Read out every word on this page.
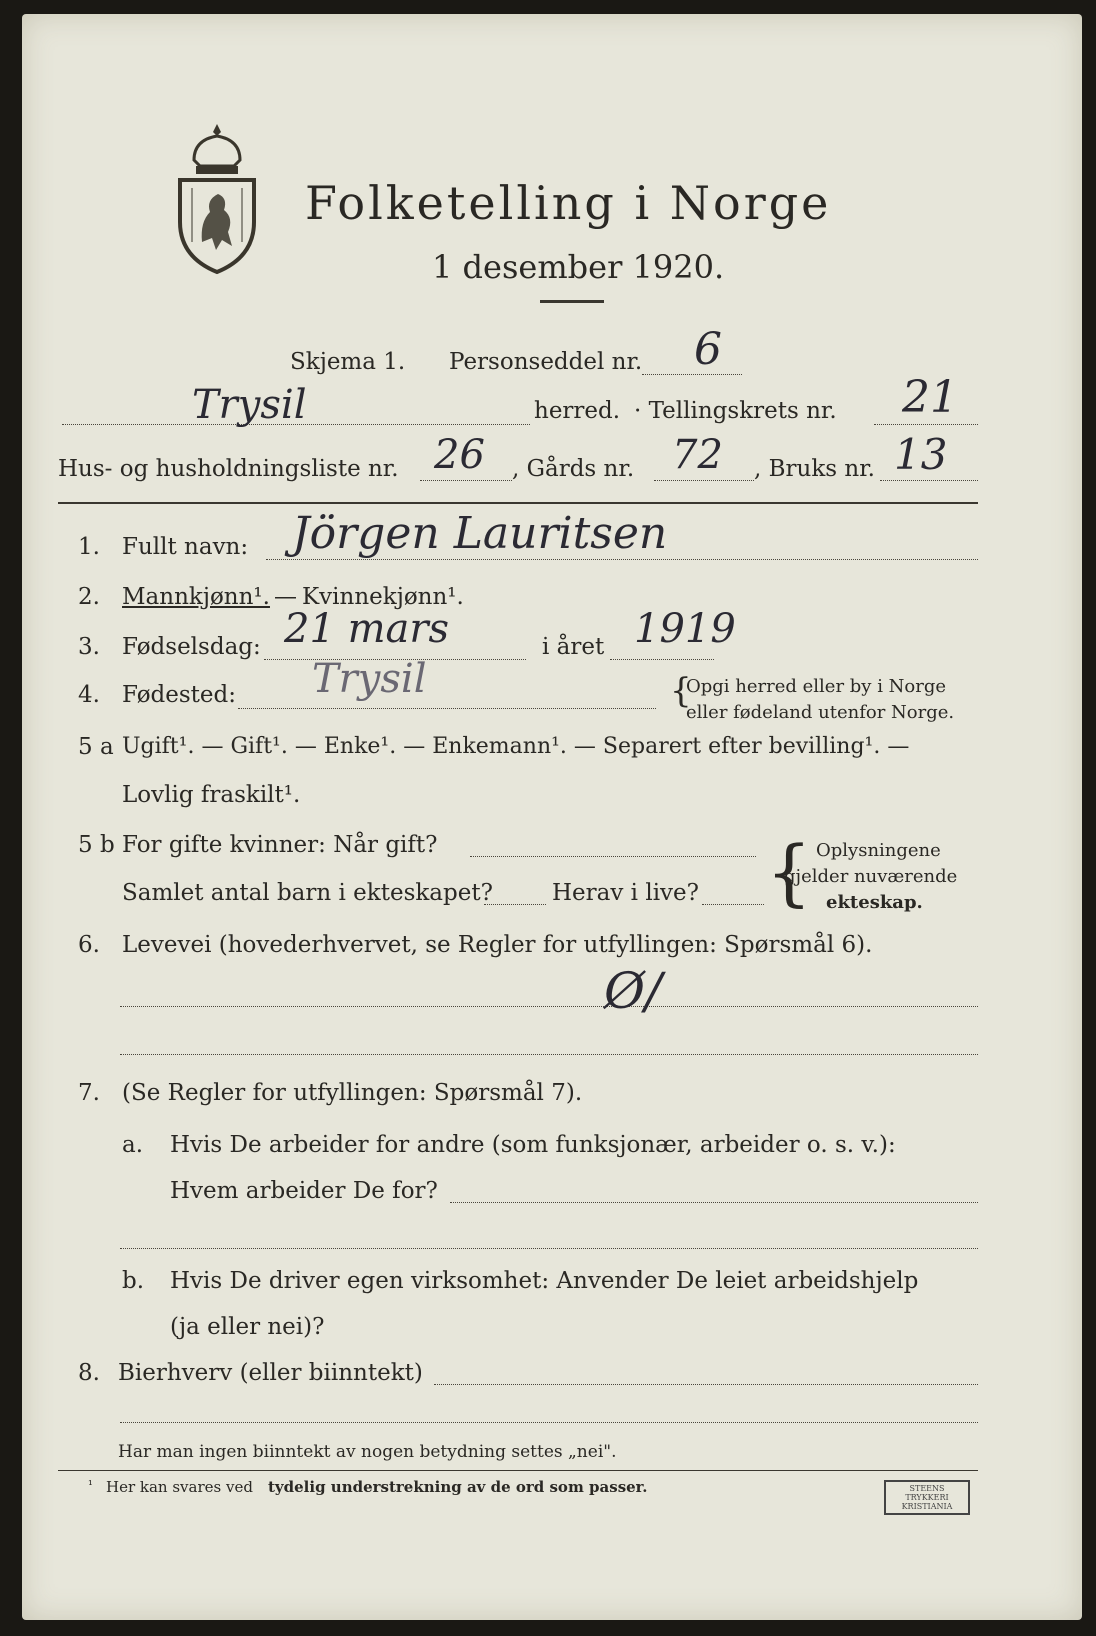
Folketelling i Norge
1 desember 1920.
Skjema 1. Personseddel nr. 6
Trysil	herred. · Tellingskrets nr. 21
Hus- og husholdningsliste nr. 26 , Gårds nr. 72 , Bruks nr. 13
1. Fullt navn: Jörgen Lauritsen
2. Mannkjønn¹. — Kvinnekjønn¹.
3. Fødselsdag: 21 mars	i året 1919
4. Fødested: Trysil	{
Opgi herred eller by i Norge
eller fødeland utenfor Norge.
5 a Ugift¹. — Gift¹. — Enke¹. — Enkemann¹. — Separert efter bevilling¹. —
Lovlig fraskilt¹.
5 b For gifte kvinner: Når gift?
Samlet antal barn i ekteskapet?	Herav i live? { Oplysningene
gjelder nuværende
ekteskap.
6. Levevei (hovederhvervet, se Regler for utfyllingen: Spørsmål 6).
Ø/
7. (Se Regler for utfyllingen: Spørsmål 7).
a. Hvis De arbeider for andre (som funksjonær, arbeider o. s. v.):
Hvem arbeider De for?
b. Hvis De driver egen virksomhet: Anvender De leiet arbeidshjelp
(ja eller nei)?
8. Bierhverv (eller biinntekt)
Har man ingen biinntekt av nogen betydning settes „nei".
¹ Her kan svares ved tydelig understrekning av de ord som passer.	STEENS TRYKKERI
KRISTIANIA
